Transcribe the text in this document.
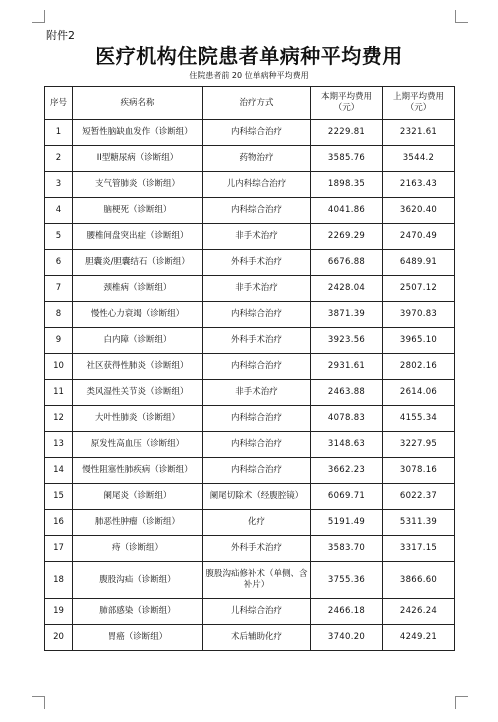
附件2
医疗机构住院患者单病种平均费用
住院患者前 20 位单病种平均费用
序号	疾病名称	治疗方式	本期平均费用（元）	上期平均费用（元）
1	短暂性脑缺血发作（诊断组）	内科综合治疗	2229.81	2321.61
2	II型糖尿病（诊断组）	药物治疗	3585.76	3544.2
3	支气管肺炎（诊断组）	儿内科综合治疗	1898.35	2163.43
4	脑梗死（诊断组）	内科综合治疗	4041.86	3620.40
5	腰椎间盘突出症（诊断组）	非手术治疗	2269.29	2470.49
6	胆囊炎/胆囊结石（诊断组）	外科手术治疗	6676.88	6489.91
7	颈椎病（诊断组）	非手术治疗	2428.04	2507.12
8	慢性心力衰竭（诊断组）	内科综合治疗	3871.39	3970.83
9	白内障（诊断组）	外科手术治疗	3923.56	3965.10
10	社区获得性肺炎（诊断组）	内科综合治疗	2931.61	2802.16
11	类风湿性关节炎（诊断组）	非手术治疗	2463.88	2614.06
12	大叶性肺炎（诊断组）	内科综合治疗	4078.83	4155.34
13	原发性高血压（诊断组）	内科综合治疗	3148.63	3227.95
14	慢性阻塞性肺疾病（诊断组）	内科综合治疗	3662.23	3078.16
15	阑尾炎（诊断组）	阑尾切除术（经腹腔镜）	6069.71	6022.37
16	肺恶性肿瘤（诊断组）	化疗	5191.49	5311.39
17	痔（诊断组）	外科手术治疗	3583.70	3317.15
18	腹股沟疝（诊断组）	腹股沟疝修补术（单侧、含补片）	3755.36	3866.60
19	肺部感染（诊断组）	儿科综合治疗	2466.18	2426.24
20	胃癌（诊断组）	术后辅助化疗	3740.20	4249.21
